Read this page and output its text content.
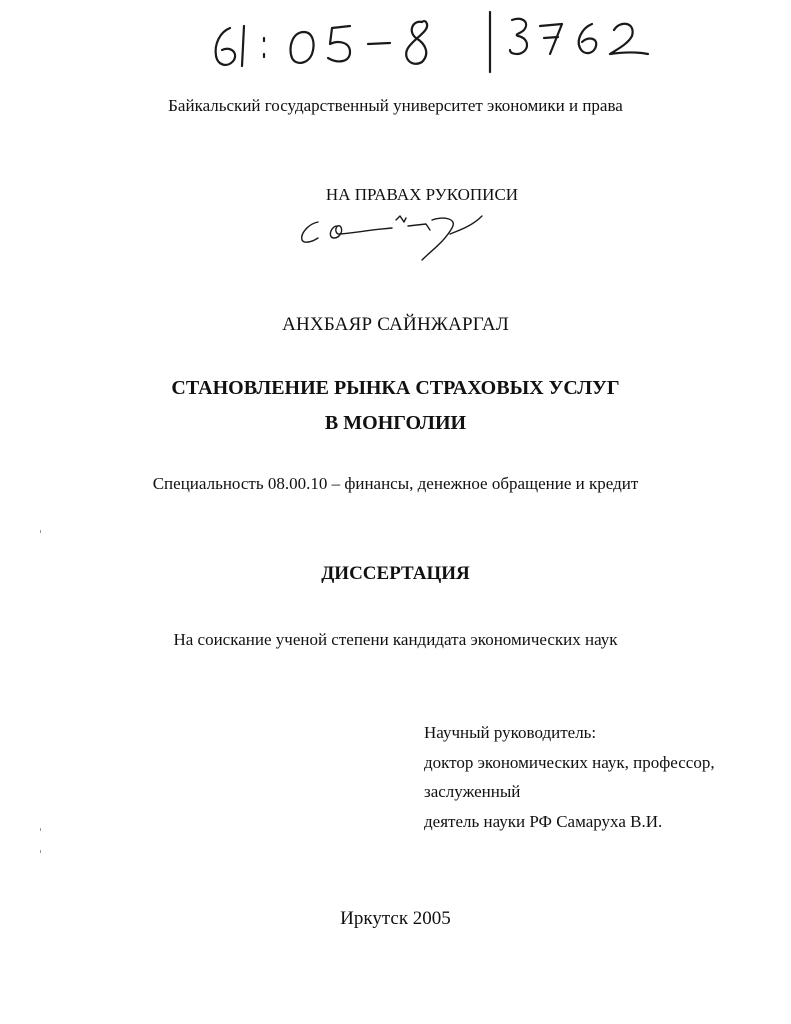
Байкальский государственный университет экономики и права
НА ПРАВАХ РУКОПИСИ
АНХБАЯР САЙНЖАРГАЛ
СТАНОВЛЕНИЕ РЫНКА СТРАХОВЫХ УСЛУГ
В МОНГОЛИИ
Специальность 08.00.10 – финансы, денежное обращение и кредит
ДИССЕРТАЦИЯ
На соискание ученой степени кандидата экономических наук
Научный руководитель:
доктор экономических наук, профессор,
заслуженный
деятель науки РФ Самаруха В.И.
Иркутск 2005
